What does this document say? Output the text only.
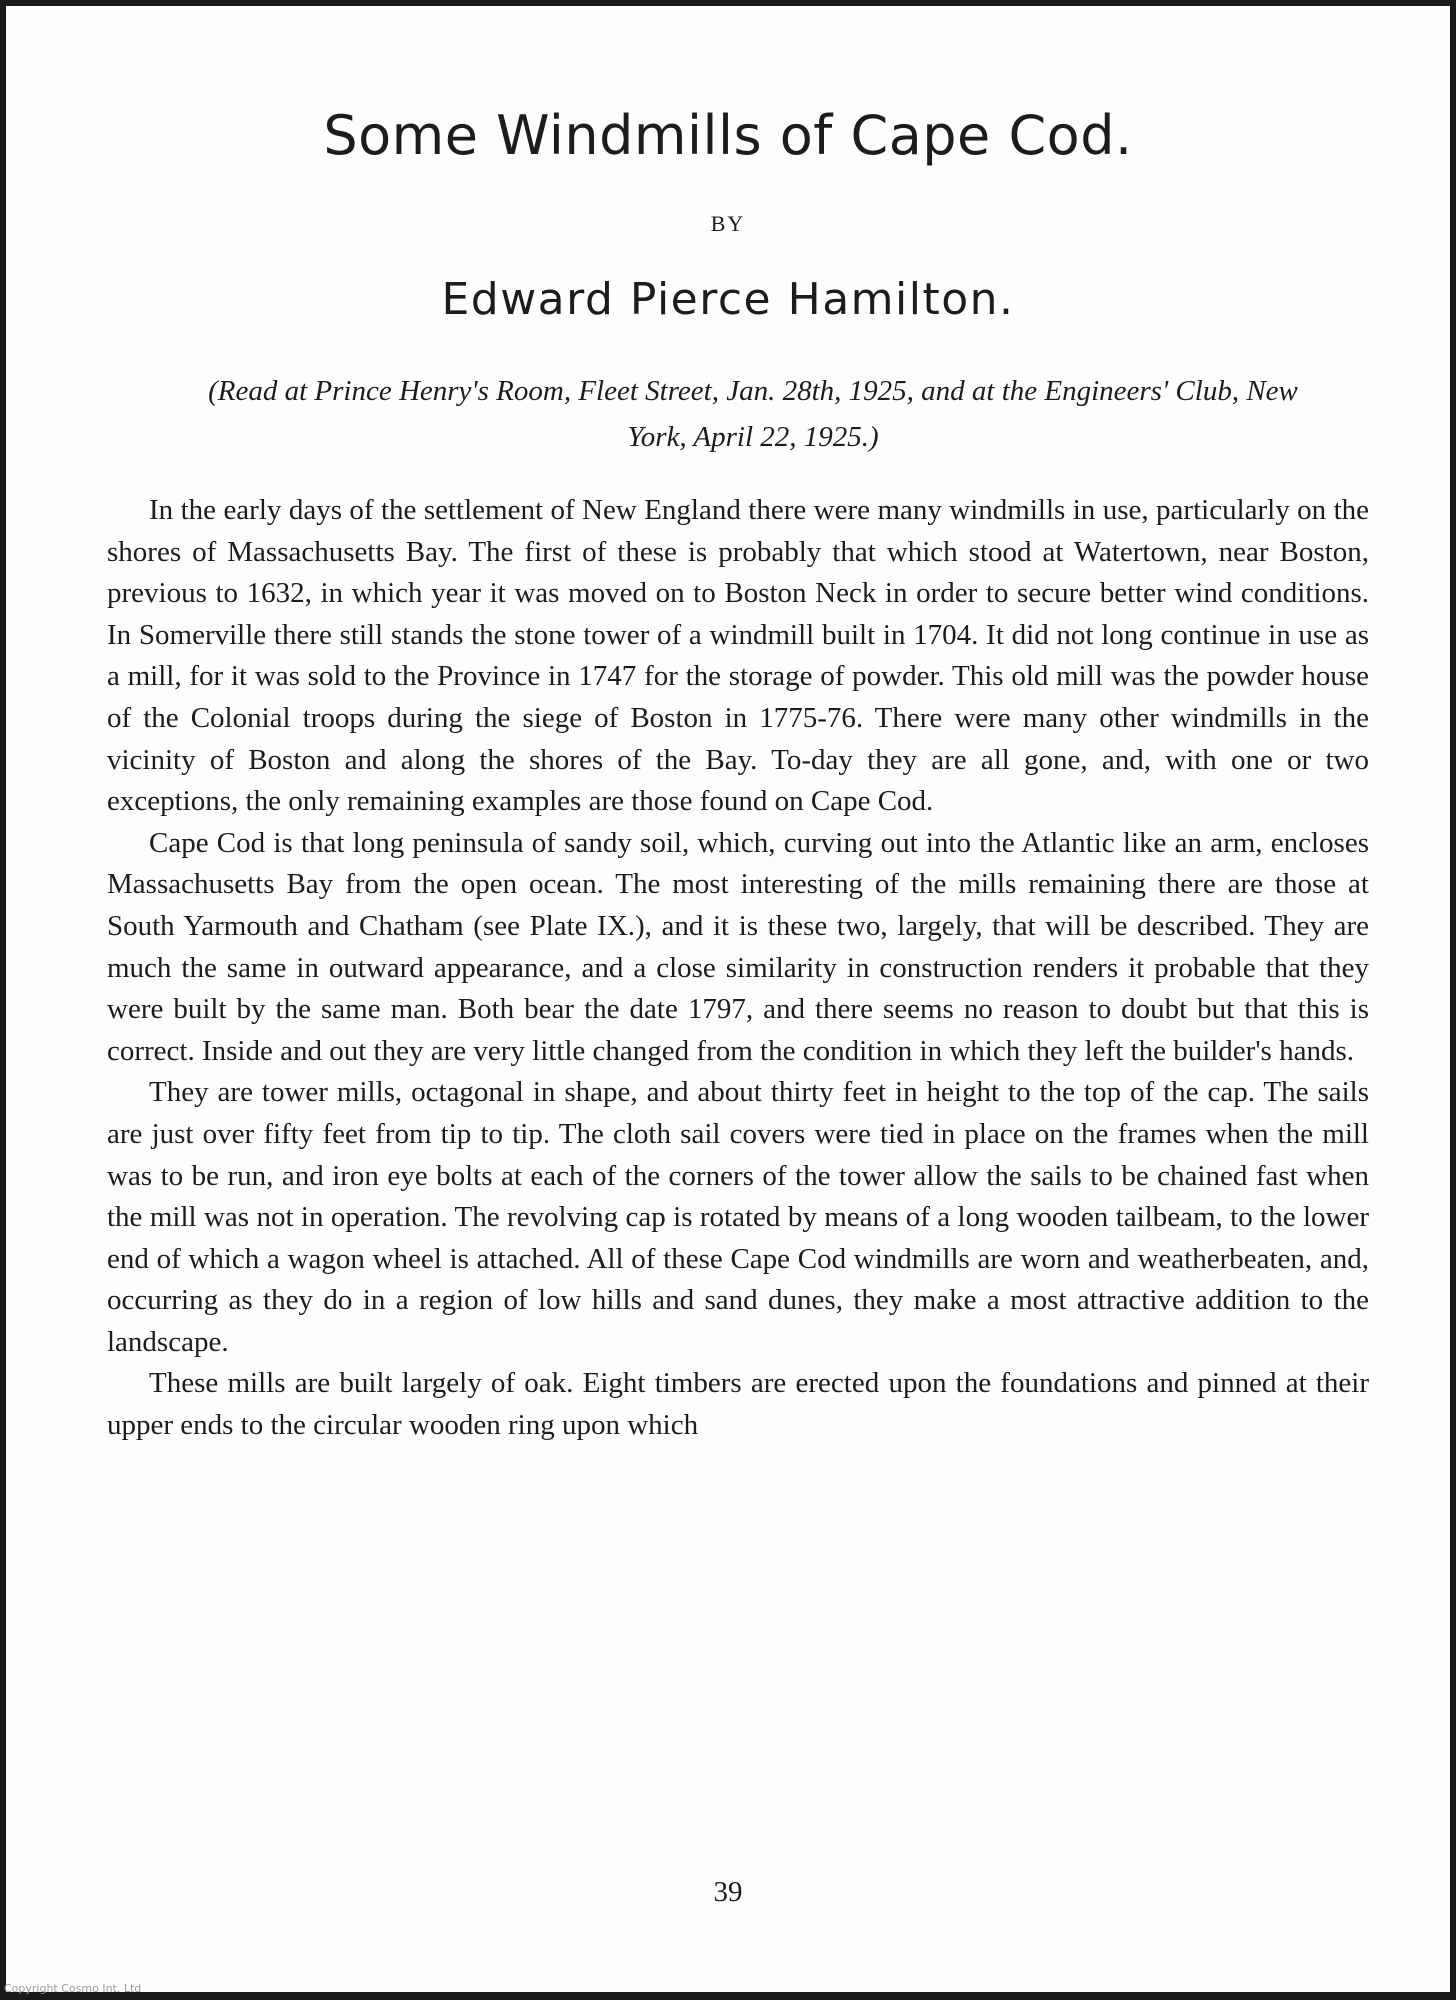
Some Windmills of Cape Cod.
BY
Edward Pierce Hamilton.
(Read at Prince Henry's Room, Fleet Street, Jan. 28th, 1925, and at the Engineers' Club, New York, April 22, 1925.)

In the early days of the settlement of New England there were many windmills in use, particularly on the shores of Massachusetts Bay. The first of these is probably that which stood at Watertown, near Boston, previous to 1632, in which year it was moved on to Boston Neck in order to secure better wind conditions. In Somerville there still stands the stone tower of a windmill built in 1704. It did not long continue in use as a mill, for it was sold to the Province in 1747 for the storage of powder. This old mill was the powder house of the Colonial troops during the siege of Boston in 1775-76. There were many other windmills in the vicinity of Boston and along the shores of the Bay. To-day they are all gone, and, with one or two exceptions, the only remaining examples are those found on Cape Cod.

Cape Cod is that long peninsula of sandy soil, which, curving out into the Atlantic like an arm, encloses Massachusetts Bay from the open ocean. The most interesting of the mills remaining there are those at South Yarmouth and Chatham (see Plate IX.), and it is these two, largely, that will be described. They are much the same in outward appearance, and a close similarity in construction renders it probable that they were built by the same man. Both bear the date 1797, and there seems no reason to doubt but that this is correct. Inside and out they are very little changed from the condition in which they left the builder's hands.

They are tower mills, octagonal in shape, and about thirty feet in height to the top of the cap. The sails are just over fifty feet from tip to tip. The cloth sail covers were tied in place on the frames when the mill was to be run, and iron eye bolts at each of the corners of the tower allow the sails to be chained fast when the mill was not in operation. The revolving cap is rotated by means of a long wooden tailbeam, to the lower end of which a wagon wheel is attached. All of these Cape Cod windmills are worn and weatherbeaten, and, occurring as they do in a region of low hills and sand dunes, they make a most attractive addition to the landscape.

These mills are built largely of oak. Eight timbers are erected upon the foundations and pinned at their upper ends to the circular wooden ring upon which

39
Copyright Cosmo Int. Ltd
